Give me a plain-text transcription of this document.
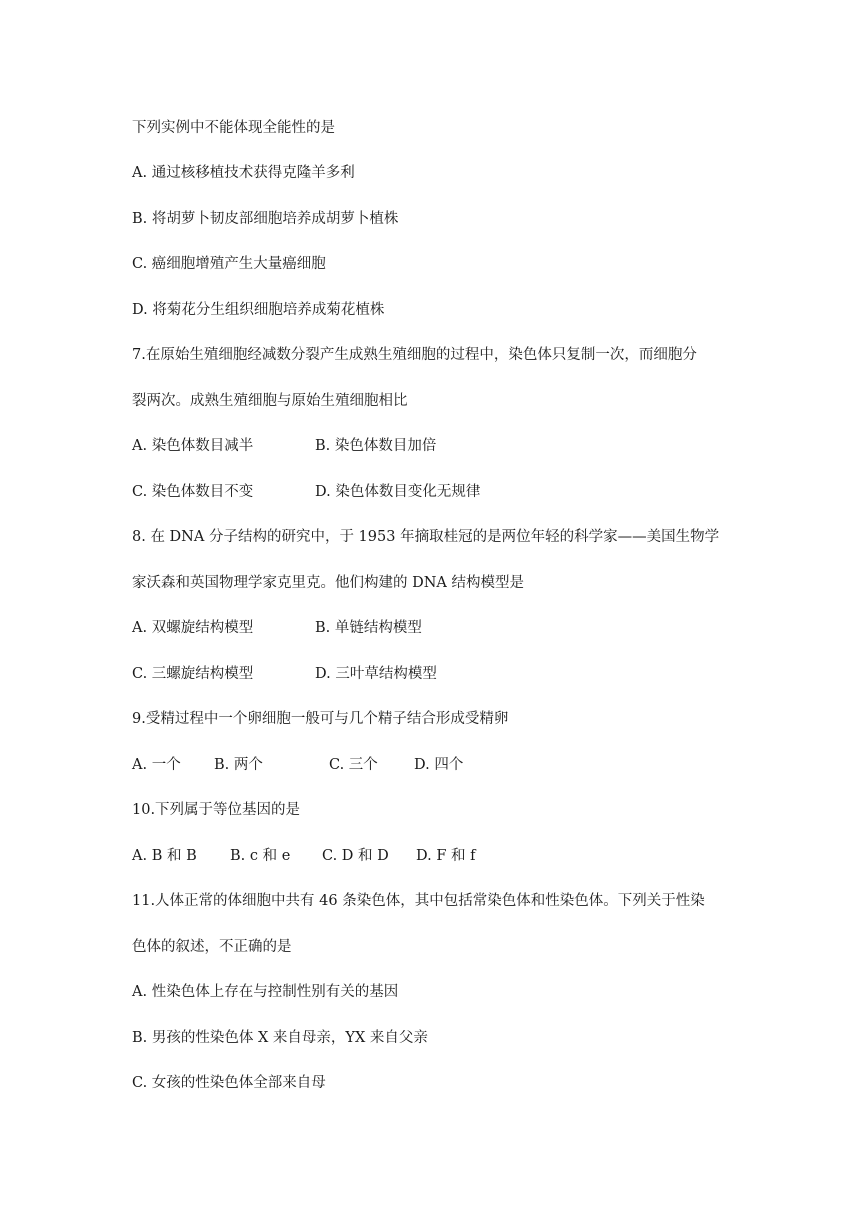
下列实例中不能体现全能性的是
A. 通过核移植技术获得克隆羊多利
B. 将胡萝卜韧皮部细胞培养成胡萝卜植株
C. 癌细胞增殖产生大量癌细胞
D. 将菊花分生组织细胞培养成菊花植株
7.在原始生殖细胞经减数分裂产生成熟生殖细胞的过程中，染色体只复制一次，而细胞分
裂两次。成熟生殖细胞与原始生殖细胞相比
A. 染色体数目减半	B. 染色体数目加倍
C. 染色体数目不变	D. 染色体数目变化无规律
8. 在 DNA 分子结构的研究中，于 1953 年摘取桂冠的是两位年轻的科学家——美国生物学
家沃森和英国物理学家克里克。他们构建的 DNA 结构模型是
A. 双螺旋结构模型	B. 单链结构模型
C. 三螺旋结构模型	D. 三叶草结构模型
9.受精过程中一个卵细胞一般可与几个精子结合形成受精卵
A. 一个 B. 两个	C. 三个 D. 四个
10.下列属于等位基因的是
A. B 和 B B. c 和 e C. D 和 D D. F 和 f
11.人体正常的体细胞中共有 46 条染色体，其中包括常染色体和性染色体。下列关于性染
色体的叙述，不正确的是
A. 性染色体上存在与控制性别有关的基因
B. 男孩的性染色体 X 来自母亲，YX 来自父亲
C. 女孩的性染色体全部来自母
